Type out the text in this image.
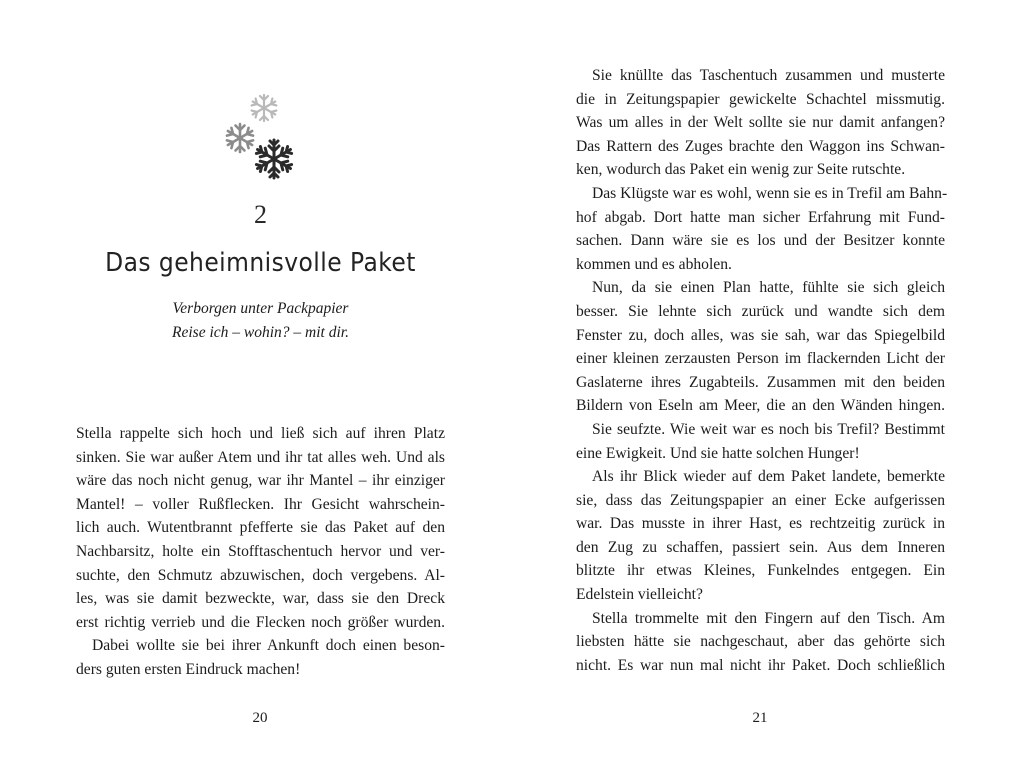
2
Das geheimnisvolle Paket
Verborgen unter Packpapier
Reise ich – wohin? – mit dir.
Stella rappelte sich hoch und ließ sich auf ihren Platz
sinken. Sie war außer Atem und ihr tat alles weh. Und als
wäre das noch nicht genug, war ihr Mantel – ihr einziger
Mantel! – voller Rußflecken. Ihr Gesicht wahrschein-
lich auch. Wutentbrannt pfefferte sie das Paket auf den
Nachbarsitz, holte ein Stofftaschentuch hervor und ver-
suchte, den Schmutz abzuwischen, doch vergebens. Al-
les, was sie damit bezweckte, war, dass sie den Dreck
erst richtig verrieb und die Flecken noch größer wurden.
Dabei wollte sie bei ihrer Ankunft doch einen beson-
ders guten ersten Eindruck machen!
20
Sie knüllte das Taschentuch zusammen und musterte
die in Zeitungspapier gewickelte Schachtel missmutig.
Was um alles in der Welt sollte sie nur damit anfangen?
Das Rattern des Zuges brachte den Waggon ins Schwan-
ken, wodurch das Paket ein wenig zur Seite rutschte.
Das Klügste war es wohl, wenn sie es in Trefil am Bahn-
hof abgab. Dort hatte man sicher Erfahrung mit Fund-
sachen. Dann wäre sie es los und der Besitzer konnte
kommen und es abholen.
Nun, da sie einen Plan hatte, fühlte sie sich gleich
besser. Sie lehnte sich zurück und wandte sich dem
Fenster zu, doch alles, was sie sah, war das Spiegelbild
einer kleinen zerzausten Person im flackernden Licht der
Gaslaterne ihres Zugabteils. Zusammen mit den beiden
Bildern von Eseln am Meer, die an den Wänden hingen.
Sie seufzte. Wie weit war es noch bis Trefil? Bestimmt
eine Ewigkeit. Und sie hatte solchen Hunger!
Als ihr Blick wieder auf dem Paket landete, bemerkte
sie, dass das Zeitungspapier an einer Ecke aufgerissen
war. Das musste in ihrer Hast, es rechtzeitig zurück in
den Zug zu schaffen, passiert sein. Aus dem Inneren
blitzte ihr etwas Kleines, Funkelndes entgegen. Ein
Edelstein vielleicht?
Stella trommelte mit den Fingern auf den Tisch. Am
liebsten hätte sie nachgeschaut, aber das gehörte sich
nicht. Es war nun mal nicht ihr Paket. Doch schließlich
21
